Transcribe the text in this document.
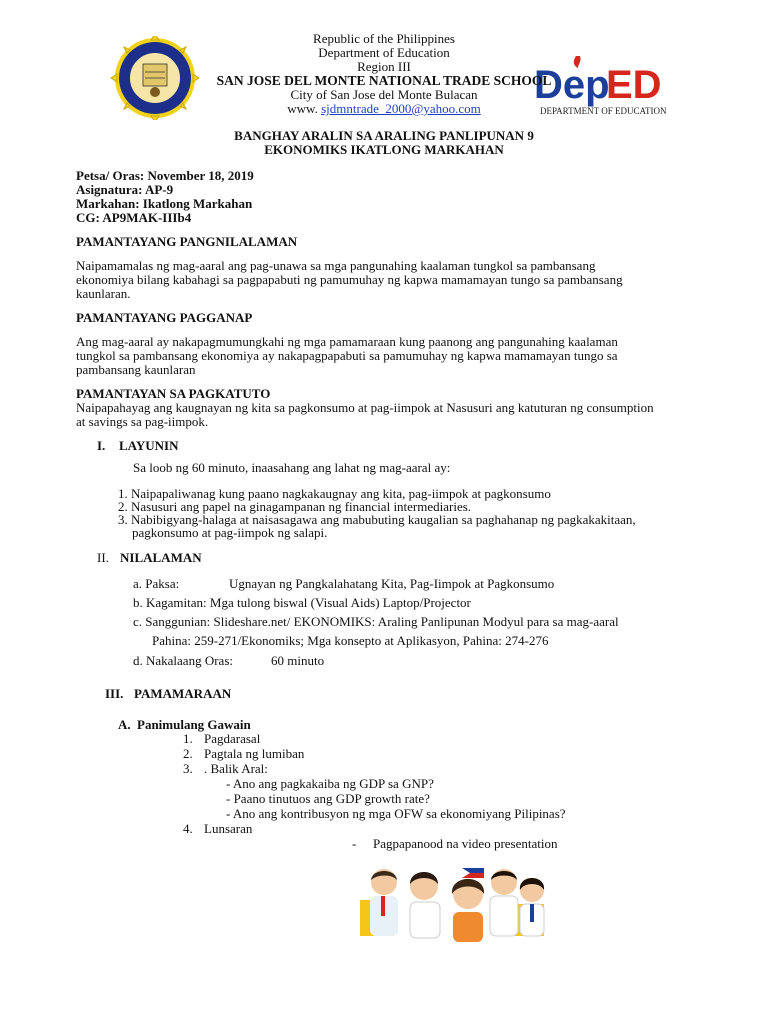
Dep
ED
DEPARTMENT OF EDUCATION
Republic of the Philippines
Department of Education
Region III
SAN JOSE DEL MONTE NATIONAL TRADE SCHOOL
City of San Jose del Monte Bulacan
www. sjdmntrade_2000@yahoo.com
BANGHAY ARALIN SA ARALING PANLIPUNAN 9
EKONOMIKS IKATLONG MARKAHAN
Petsa/ Oras: November 18, 2019
Asignatura: AP-9
Markahan: Ikatlong Markahan
CG: AP9MAK-IIIb4
PAMANTAYANG PANGNILALAMAN
Naipamamalas ng mag-aaral ang pag-unawa sa mga pangunahing kaalaman tungkol sa pambansang
ekonomiya bilang kabahagi sa pagpapabuti ng pamumuhay ng kapwa mamamayan tungo sa pambansang
kaunlaran.
PAMANTAYANG PAGGANAP
Ang mag-aaral ay nakapagmumungkahi ng mga pamamaraan kung paanong ang pangunahing kaalaman
tungkol sa pambansang ekonomiya ay nakapagpapabuti sa pamumuhay ng kapwa mamamayan tungo sa
pambansang kaunlaran
PAMANTAYAN SA PAGKATUTO
Naipapahayag ang kaugnayan ng kita sa pagkonsumo at pag-iimpok at Nasusuri ang katuturan ng consumption
at savings sa pag-iimpok.
I. LAYUNIN
Sa loob ng 60 minuto, inaasahang ang lahat ng mag-aaral ay:
1. Naipapaliwanag kung paano nagkakaugnay ang kita, pag-iimpok at pagkonsumo
2. Nasusuri ang papel na ginagampanan ng financial intermediaries.
3. Nabibigyang-halaga at naisasagawa ang mabubuting kaugalian sa paghahanap ng pagkakakitaan,
pagkonsumo at pag-iimpok ng salapi.
II. NILALAMAN
a. Paksa:	Ugnayan ng Pangkalahatang Kita, Pag-Iimpok at Pagkonsumo
b. Kagamitan: Mga tulong biswal (Visual Aids) Laptop/Projector
c. Sanggunian: Slideshare.net/ EKONOMIKS: Araling Panlipunan Modyul para sa mag-aaral
Pahina: 259-271/Ekonomiks; Mga konsepto at Aplikasyon, Pahina: 274-276
d. Nakalaang Oras:	60 minuto
III. PAMAMARAAN
A. Panimulang Gawain
1. Pagdarasal
2. Pagtala ng lumiban
3. . Balik Aral:
- Ano ang pagkakaiba ng GDP sa GNP?
- Paano tinutuos ang GDP growth rate?
- Ano ang kontribusyon ng mga OFW sa ekonomiyang Pilipinas?
4. Lunsaran
- Pagpapanood na video presentation
